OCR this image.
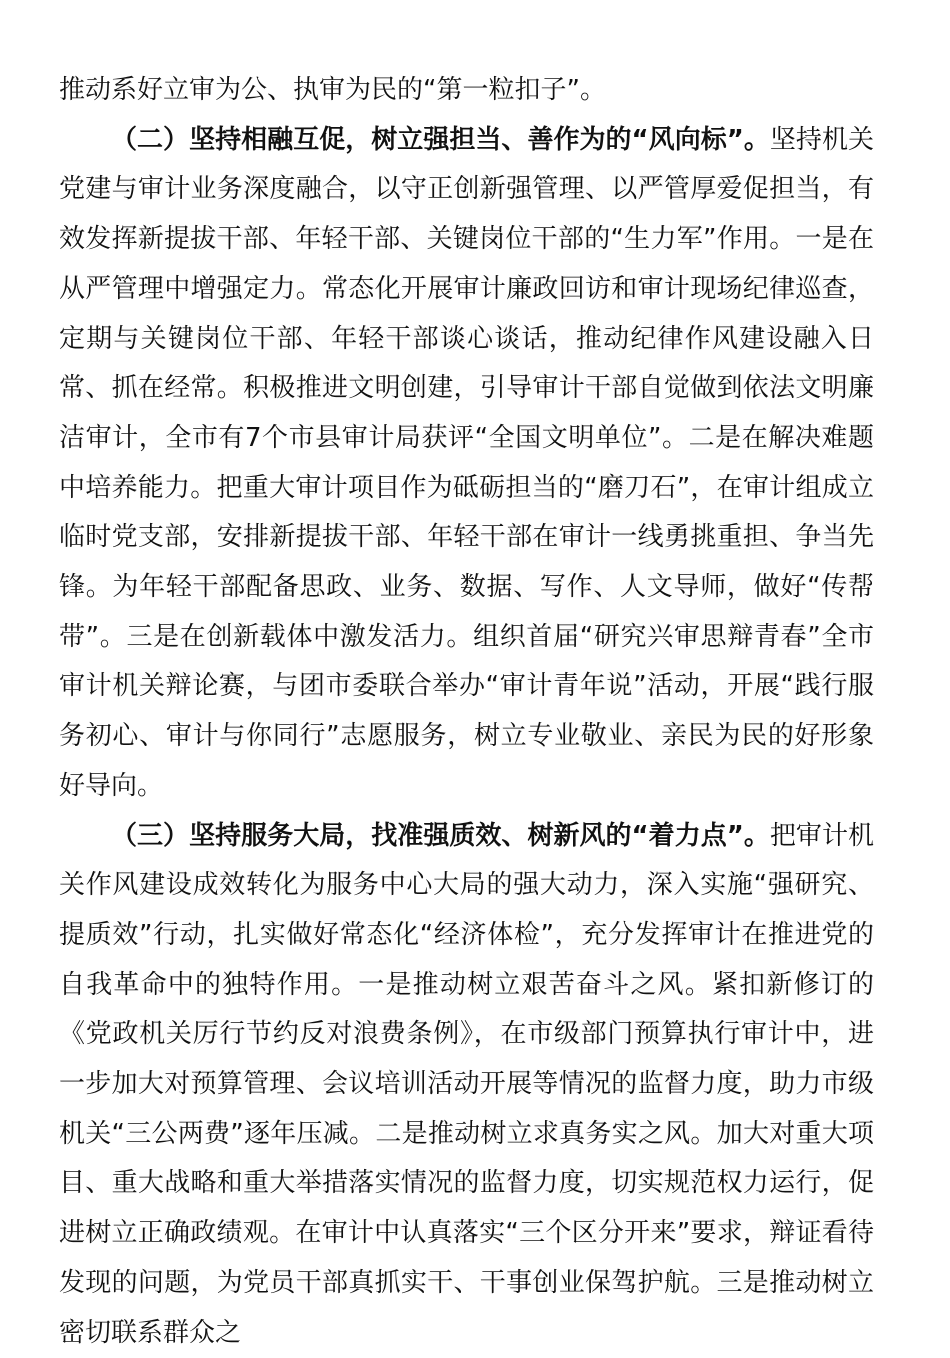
推动系好立审为公、执审为民的“第一粒扣子”。

（二）坚持相融互促，树立强担当、善作为的“风向标”。坚持机关党建与审计业务深度融合，以守正创新强管理、以严管厚爱促担当，有效发挥新提拔干部、年轻干部、关键岗位干部的“生力军”作用。一是在从严管理中增强定力。常态化开展审计廉政回访和审计现场纪律巡查，定期与关键岗位干部、年轻干部谈心谈话，推动纪律作风建设融入日常、抓在经常。积极推进文明创建，引导审计干部自觉做到依法文明廉洁审计，全市有7个市县审计局获评“全国文明单位”。二是在解决难题中培养能力。把重大审计项目作为砥砺担当的“磨刀石”，在审计组成立临时党支部，安排新提拔干部、年轻干部在审计一线勇挑重担、争当先锋。为年轻干部配备思政、业务、数据、写作、人文导师，做好“传帮带”。三是在创新载体中激发活力。组织首届“研究兴审思辩青春”全市审计机关辩论赛，与团市委联合举办“审计青年说”活动，开展“践行服务初心、审计与你同行”志愿服务，树立专业敬业、亲民为民的好形象好导向。

（三）坚持服务大局，找准强质效、树新风的“着力点”。把审计机关作风建设成效转化为服务中心大局的强大动力，深入实施“强研究、提质效”行动，扎实做好常态化“经济体检”，充分发挥审计在推进党的自我革命中的独特作用。一是推动树立艰苦奋斗之风。紧扣新修订的《党政机关厉行节约反对浪费条例》，在市级部门预算执行审计中，进一步加大对预算管理、会议培训活动开展等情况的监督力度，助力市级机关“三公两费”逐年压减。二是推动树立求真务实之风。加大对重大项目、重大战略和重大举措落实情况的监督力度，切实规范权力运行，促进树立正确政绩观。在审计中认真落实“三个区分开来”要求，辩证看待发现的问题，为党员干部真抓实干、干事创业保驾护航。三是推动树立密切联系群众之
